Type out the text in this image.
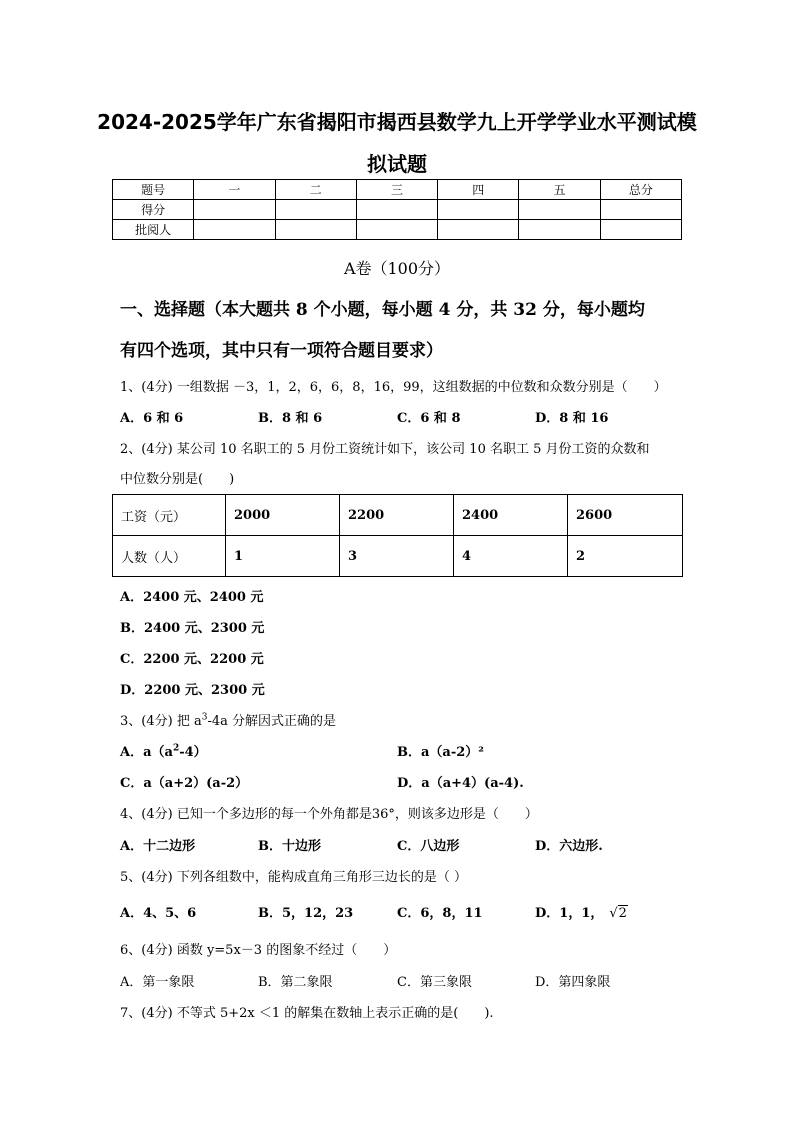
2024-2025学年广东省揭阳市揭西县数学九上开学学业水平测试模
拟试题
题号	一	二	三	四	五	总分
得分						
批阅人						
A卷（100分）
一、选择题（本大题共 8 个小题，每小题 4 分，共 32 分，每小题均
有四个选项，其中只有一项符合题目要求）
1、(4分) 一组数据 －3，1，2，6，6，8，16，99，这组数据的中位数和众数分别是（　　）
A．6 和 6	B．8 和 6	C．6 和 8	D．8 和 16
2、(4分) 某公司 10 名职工的 5 月份工资统计如下，该公司 10 名职工 5 月份工资的众数和
中位数分别是(　　)
工资（元）	2000	2200	2400	2600
人数（人）	1	3	4	2
A．2400 元、2400 元
B．2400 元、2300 元
C．2200 元、2200 元
D．2200 元、2300 元
3、(4分) 把 $a^3-4a$ 分解因式正确的是
A．$a(a^2-4)$	B．a（a-2）²
C．a（a+2）(a-2）	D．a（a+4）(a-4).
4、(4分) 已知一个多边形的每一个外角都是36°，则该多边形是（　　）
A．十二边形	B．十边形	C．八边形	D．六边形.
5、(4分) 下列各组数中，能构成直角三角形三边长的是（ ）
A．4、5、6	B．5，12，23	C．6，8，11	D．1，1， √2
6、(4分) 函数 y=5x－3 的图象不经过（　　）
A．第一象限	B．第二象限	C．第三象限	D．第四象限
7、(4分) 不等式 5+2x ＜1 的解集在数轴上表示正确的是(　　).
